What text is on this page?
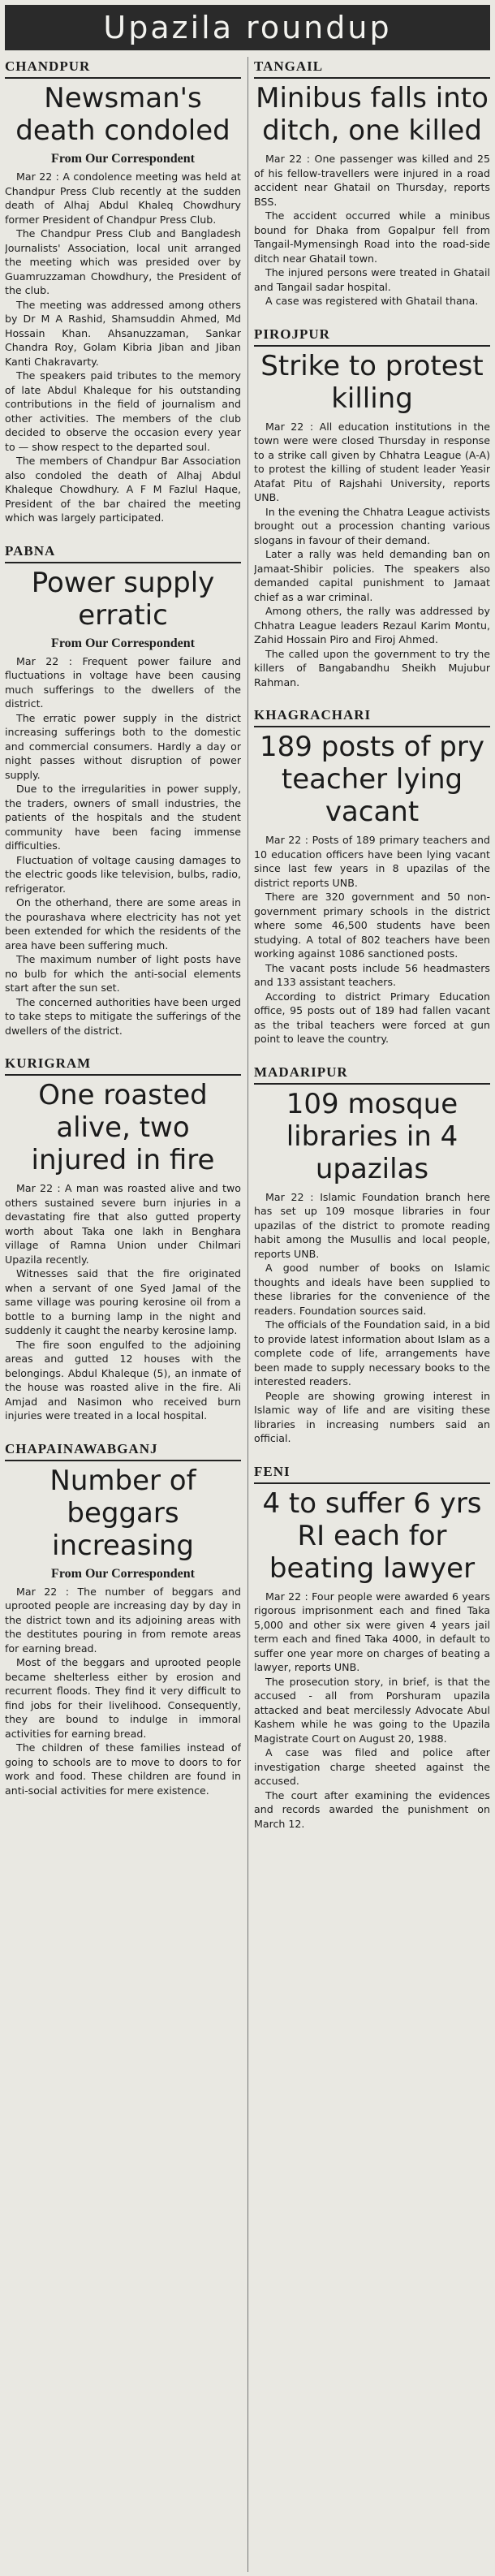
Upazila roundup
CHANDPUR
Newsman's death condoled
From Our Correspondent

Mar 22 : A condolence meeting was held at Chandpur Press Club recently at the sudden death of Alhaj Abdul Khaleq Chowdhury former President of Chandpur Press Club.

The Chandpur Press Club and Bangladesh Journalists' Association, local unit arranged the meeting which was presided over by Guamruzzaman Chowdhury, the President of the club.

The meeting was addressed among others by Dr M A Rashid, Shamsuddin Ahmed, Md Hossain Khan. Ahsanuzzaman, Sankar Chandra Roy, Golam Kibria Jiban and Jiban Kanti Chakravarty.

The speakers paid tributes to the memory of late Abdul Khaleque for his outstanding contributions in the field of journalism and other activities. The members of the club decided to observe the occasion every year to — show respect to the departed soul.

The members of Chandpur Bar Association also condoled the death of Alhaj Abdul Khaleque Chowdhury. A F M Fazlul Haque, President of the bar chaired the meeting which was largely participated.

PABNA
Power supply erratic
From Our Correspondent

Mar 22 : Frequent power failure and fluctuations in voltage have been causing much sufferings to the dwellers of the district.

The erratic power supply in the district increasing sufferings both to the domestic and commercial consumers. Hardly a day or night passes without disruption of power supply.

Due to the irregularities in power supply, the traders, owners of small industries, the patients of the hospitals and the student community have been facing immense difficulties.

Fluctuation of voltage causing damages to the electric goods like television, bulbs, radio, refrigerator.

On the otherhand, there are some areas in the pourashava where electricity has not yet been extended for which the residents of the area have been suffering much.

The maximum number of light posts have no bulb for which the anti-social elements start after the sun set.

The concerned authorities have been urged to take steps to mitigate the sufferings of the dwellers of the district.

KURIGRAM
One roasted alive, two injured in fire

Mar 22 : A man was roasted alive and two others sustained severe burn injuries in a devastating fire that also gutted property worth about Taka one lakh in Benghara village of Ramna Union under Chilmari Upazila recently.

Witnesses said that the fire originated when a servant of one Syed Jamal of the same village was pouring kerosine oil from a bottle to a burning lamp in the night and suddenly it caught the nearby kerosine lamp.

The fire soon engulfed to the adjoining areas and gutted 12 houses with the belongings. Abdul Khaleque (5), an inmate of the house was roasted alive in the fire. Ali Amjad and Nasimon who received burn injuries were treated in a local hospital.

CHAPAINAWABGANJ
Number of beggars increasing
From Our Correspondent

Mar 22 : The number of beggars and uprooted people are increasing day by day in the district town and its adjoining areas with the destitutes pouring in from remote areas for earning bread.

Most of the beggars and uprooted people became shelterless either by erosion and recurrent floods. They find it very difficult to find jobs for their livelihood. Consequently, they are bound to indulge in immoral activities for earning bread.

The children of these families instead of going to schools are to move to doors to for work and food. These children are found in anti-social activities for mere existence.

TANGAIL
Minibus falls into ditch, one killed

Mar 22 : One passenger was killed and 25 of his fellow-travellers were injured in a road accident near Ghatail on Thursday, reports BSS.

The accident occurred while a minibus bound for Dhaka from Gopalpur fell from Tangail-Mymensingh Road into the road-side ditch near Ghatail town.

The injured persons were treated in Ghatail and Tangail sadar hospital.

A case was registered with Ghatail thana.

PIROJPUR
Strike to protest killing

Mar 22 : All education institutions in the town were were closed Thursday in response to a strike call given by Chhatra League (A-A) to protest the killing of student leader Yeasir Atafat Pitu of Rajshahi University, reports UNB.

In the evening the Chhatra League activists brought out a procession chanting various slogans in favour of their demand.

Later a rally was held demanding ban on Jamaat-Shibir policies. The speakers also demanded capital punishment to Jamaat chief as a war criminal.

Among others, the rally was addressed by Chhatra League leaders Rezaul Karim Montu, Zahid Hossain Piro and Firoj Ahmed.

The called upon the government to try the killers of Bangabandhu Sheikh Mujubur Rahman.

KHAGRACHARI
189 posts of pry teacher lying vacant

Mar 22 : Posts of 189 primary teachers and 10 education officers have been lying vacant since last few years in 8 upazilas of the district reports UNB.

There are 320 government and 50 non-government primary schools in the district where some 46,500 students have been studying. A total of 802 teachers have been working against 1086 sanctioned posts.

The vacant posts include 56 headmasters and 133 assistant teachers.

According to district Primary Education office, 95 posts out of 189 had fallen vacant as the tribal teachers were forced at gun point to leave the country.

MADARIPUR
109 mosque libraries in 4 upazilas

Mar 22 : Islamic Foundation branch here has set up 109 mosque libraries in four upazilas of the district to promote reading habit among the Musullis and local people, reports UNB.

A good number of books on Islamic thoughts and ideals have been supplied to these libraries for the convenience of the readers. Foundation sources said.

The officials of the Foundation said, in a bid to provide latest information about Islam as a complete code of life, arrangements have been made to supply necessary books to the interested readers.

People are showing growing interest in Islamic way of life and are visiting these libraries in increasing numbers said an official.

FENI
4 to suffer 6 yrs RI each for beating lawyer

Mar 22 : Four people were awarded 6 years rigorous imprisonment each and fined Taka 5,000 and other six were given 4 years jail term each and fined Taka 4000, in default to suffer one year more on charges of beating a lawyer, reports UNB.

The prosecution story, in brief, is that the accused - all from Porshuram upazila attacked and beat mercilessly Advocate Abul Kashem while he was going to the Upazila Magistrate Court on August 20, 1988.

A case was filed and police after investigation charge sheeted against the accused.

The court after examining the evidences and records awarded the punishment on March 12.
